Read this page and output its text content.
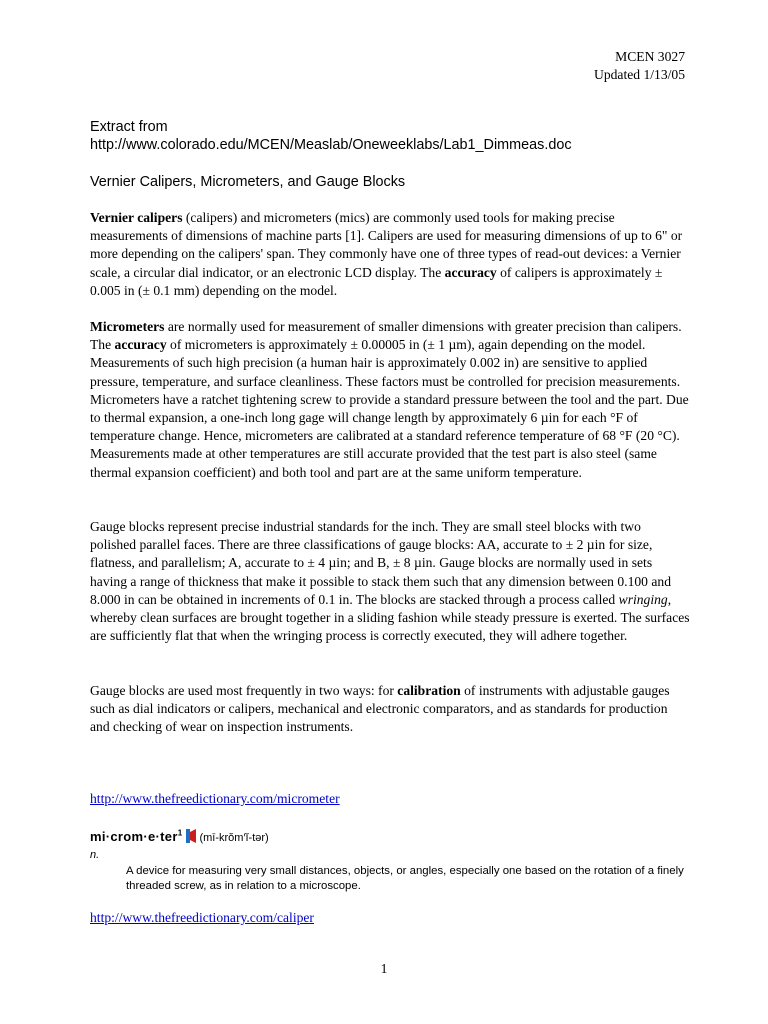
MCEN 3027
Updated 1/13/05
Extract from
http://www.colorado.edu/MCEN/Measlab/Oneweeklabs/Lab1_Dimmeas.doc
Vernier Calipers, Micrometers, and Gauge Blocks

Vernier calipers (calipers) and micrometers (mics) are commonly used tools for making precise measurements of dimensions of machine parts [1]. Calipers are used for measuring dimensions of up to 6" or more depending on the calipers' span. They commonly have one of three types of read-out devices: a Vernier scale, a circular dial indicator, or an electronic LCD display. The accuracy of calipers is approximately ± 0.005 in (± 0.1 mm) depending on the model.

Micrometers are normally used for measurement of smaller dimensions with greater precision than calipers. The accuracy of micrometers is approximately ± 0.00005 in (± 1 µm), again depending on the model. Measurements of such high precision (a human hair is approximately 0.002 in) are sensitive to applied pressure, temperature, and surface cleanliness. These factors must be controlled for precision measurements. Micrometers have a ratchet tightening screw to provide a standard pressure between the tool and the part. Due to thermal expansion, a one-inch long gage will change length by approximately 6 µin for each °F of temperature change. Hence, micrometers are calibrated at a standard reference temperature of 68 °F (20 °C). Measurements made at other temperatures are still accurate provided that the test part is also steel (same thermal expansion coefficient) and both tool and part are at the same uniform temperature.

Gauge blocks represent precise industrial standards for the inch. They are small steel blocks with two polished parallel faces. There are three classifications of gauge blocks: AA, accurate to ± 2 µin for size, flatness, and parallelism; A, accurate to ± 4 µin; and B, ± 8 µin. Gauge blocks are normally used in sets having a range of thickness that make it possible to stack them such that any dimension between 0.100 and 8.000 in can be obtained in increments of 0.1 in. The blocks are stacked through a process called wringing, whereby clean surfaces are brought together in a sliding fashion while steady pressure is exerted. The surfaces are sufficiently flat that when the wringing process is correctly executed, they will adhere together.

Gauge blocks are used most frequently in two ways: for calibration of instruments with adjustable gauges such as dial indicators or calipers, mechanical and electronic comparators, and as standards for production and checking of wear on inspection instruments.

http://www.thefreedictionary.com/micrometer
mi·crom·e·ter$^1$ (mī-krŏm′ĭ-tər)
n.
A device for measuring very small distances, objects, or angles, especially one based on the rotation of a finely threaded screw, as in relation to a microscope.
http://www.thefreedictionary.com/caliper
1
